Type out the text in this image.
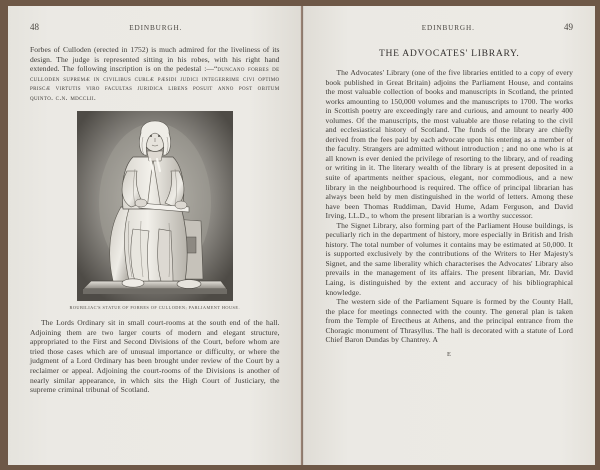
48	EDINBURGH.

Forbes of Culloden (erected in 1752) is much admired for the liveliness of its design. The judge is represented sitting in his robes, with his right hand extended. The following inscription is on the pedestal :—“duncano forbes de culloden supremæ in civilibus curlæ pæsidi judici integerrime civi optimo priscæ virtutis viro facultas juridica libens posuit anno post obitum quinto. c.n. mdcclii.

ROUBILIAC'S STATUE OF FORBES OF CULLODEN; PARLIAMENT HOUSE.

The Lords Ordinary sit in small court-rooms at the south end of the hall. Adjoining them are two larger courts of modern and elegant structure, appropriated to the First and Second Divisions of the Court, before whom are tried those cases which are of unusual importance or difficulty, or where the judgment of a Lord Ordinary has been brought under review of the Court by a reclaimer or appeal. Adjoining the court-rooms of the Divisions is another of nearly similar appearance, in which sits the High Court of Justiciary, the supreme criminal tribunal of Scotland.

EDINBURGH.	49
THE ADVOCATES' LIBRARY.

The Advocates' Library (one of the five libraries entitled to a copy of every book published in Great Britain) adjoins the Parliament House, and contains the most valuable collection of books and manuscripts in Scotland, the printed works amounting to 150,000 volumes and the manuscripts to 1700. The works in Scottish poetry are exceedingly rare and curious, and amount to nearly 400 volumes. Of the manuscripts, the most valuable are those relating to the civil and ecclesiastical history of Scotland. The funds of the library are chiefly derived from the fees paid by each advocate upon his entering as a member of the faculty. Strangers are admitted without introduction ; and no one who is at all known is ever denied the privilege of resorting to the library, and of reading or writing in it. The literary wealth of the library is at present deposited in a suite of apartments neither spacious, elegant, nor commodious, and a new library in the neighbourhood is required. The office of principal librarian has always been held by men distinguished in the world of letters. Among these have been Thomas Ruddiman, David Hume, Adam Ferguson, and David Irving, LL.D., to whom the present librarian is a worthy successor.

The Signet Library, also forming part of the Parliament House buildings, is peculiarly rich in the department of history, more especially in British and Irish history. The total number of volumes it contains may be estimated at 50,000. It is supported exclusively by the contributions of the Writers to Her Majesty's Signet, and the same liberality which characterises the Advocates' Library also prevails in the management of its affairs. The present librarian, Mr. David Laing, is distinguished by the extent and accuracy of his bibliographical knowledge.

The western side of the Parliament Square is formed by the County Hall, the place for meetings connected with the county. The general plan is taken from the Temple of Erectheus at Athens, and the principal entrance from the Choragic monument of Thrasyllus. The hall is decorated with a statute of Lord Chief Baron Dundas by Chantrey. A

E
